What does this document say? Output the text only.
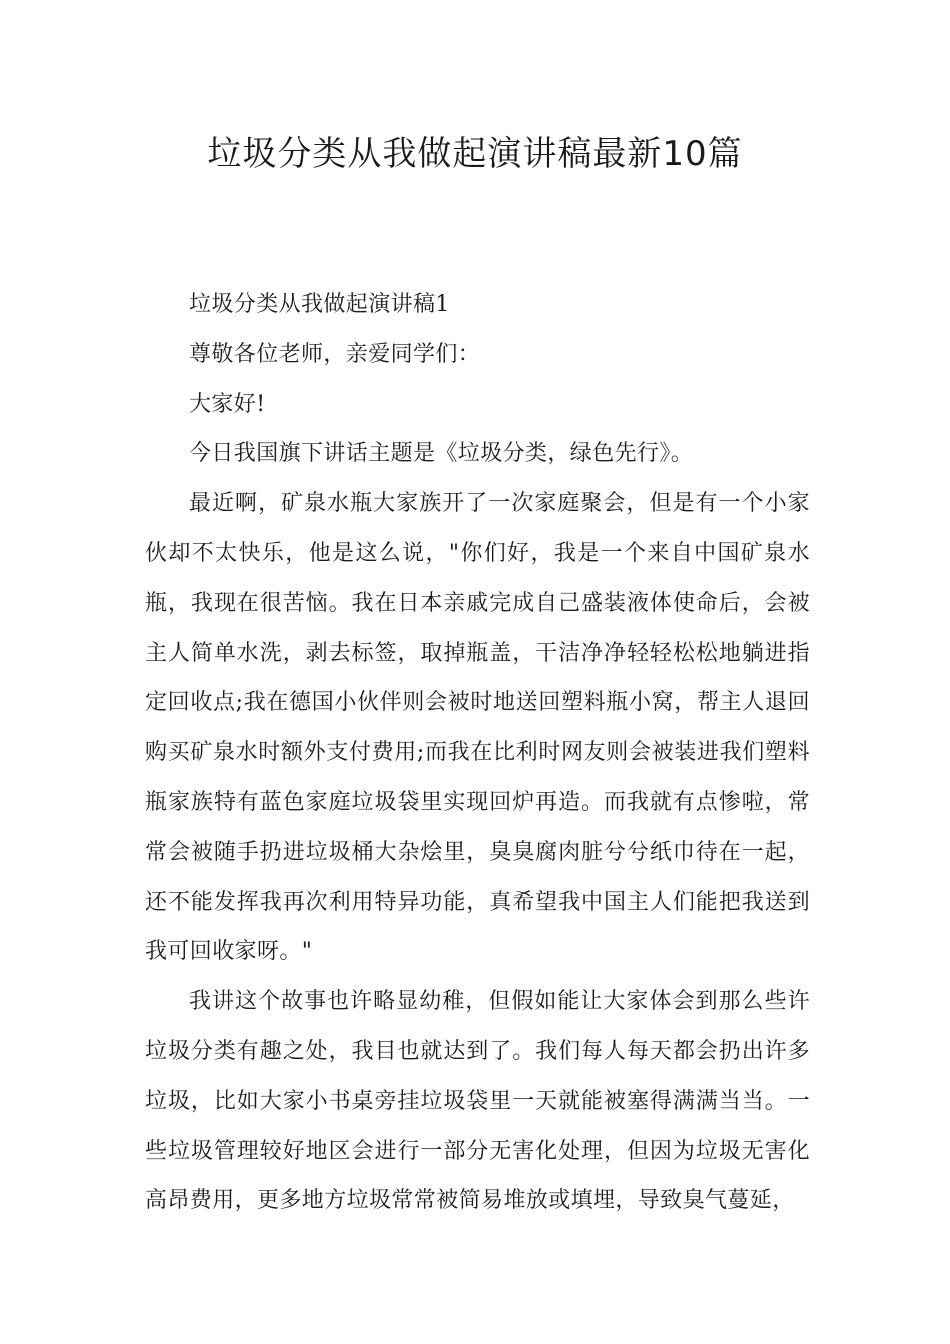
垃圾分类从我做起演讲稿最新10篇

垃圾分类从我做起演讲稿1

尊敬各位老师，亲爱同学们：

大家好!

今日我国旗下讲话主题是《垃圾分类，绿色先行》。

最近啊，矿泉水瓶大家族开了一次家庭聚会，但是有一个小家伙却不太快乐，他是这么说，"你们好，我是一个来自中国矿泉水瓶，我现在很苦恼。我在日本亲戚完成自己盛装液体使命后，会被主人简单水洗，剥去标签，取掉瓶盖，干洁净净轻轻松松地躺进指定回收点;我在德国小伙伴则会被时地送回塑料瓶小窝，帮主人退回购买矿泉水时额外支付费用;而我在比利时网友则会被装进我们塑料瓶家族特有蓝色家庭垃圾袋里实现回炉再造。而我就有点惨啦，常常会被随手扔进垃圾桶大杂烩里，臭臭腐肉脏兮兮纸巾待在一起，还不能发挥我再次利用特异功能，真希望我中国主人们能把我送到我可回收家呀。"

我讲这个故事也许略显幼稚，但假如能让大家体会到那么些许垃圾分类有趣之处，我目也就达到了。我们每人每天都会扔出许多垃圾，比如大家小书桌旁挂垃圾袋里一天就能被塞得满满当当。一些垃圾管理较好地区会进行一部分无害化处理，但因为垃圾无害化高昂费用，更多地方垃圾常常被简易堆放或填埋，导致臭气蔓延，
